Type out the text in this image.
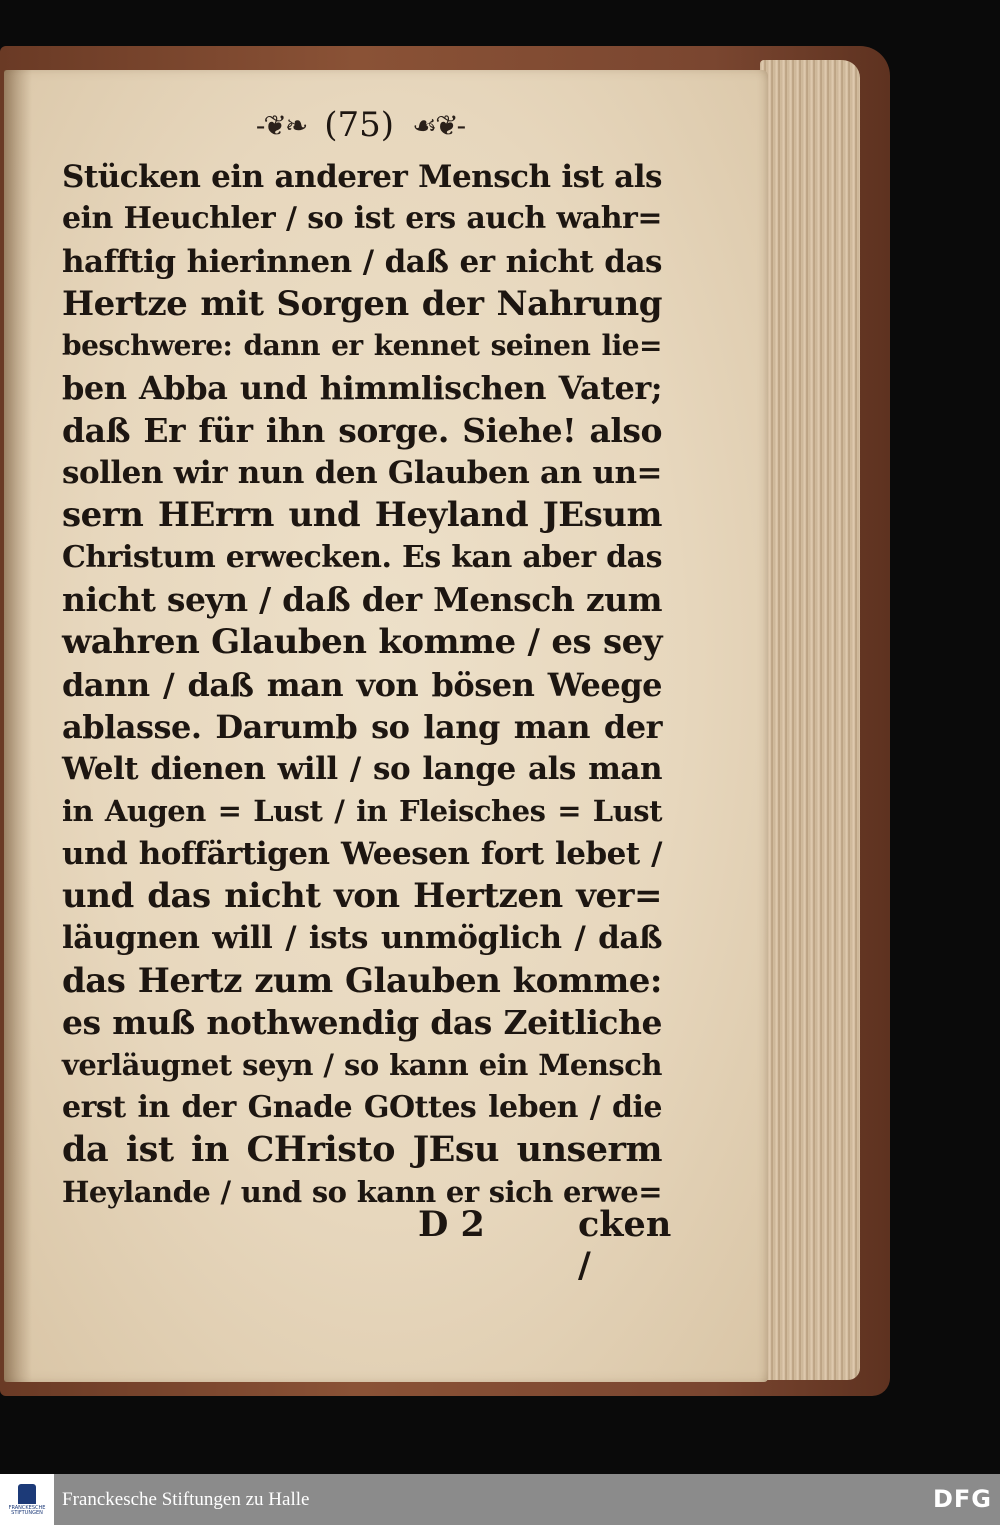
-❦❧ (75) ☙❦-
Stücken ein anderer Mensch ist als
ein Heuchler / so ist ers auch wahr=
hafftig hierinnen / daß er nicht das
Hertze mit Sorgen der Nahrung
beschwere: dann er kennet seinen lie=
ben Abba und himmlischen Vater;
daß Er für ihn sorge. Siehe! also
sollen wir nun den Glauben an un=
sern HErrn und Heyland JEsum
Christum erwecken. Es kan aber das
nicht seyn / daß der Mensch zum
wahren Glauben komme / es sey
dann / daß man von bösen Weege
ablasse. Darumb so lang man der
Welt dienen will / so lange als man
in Augen = Lust / in Fleisches = Lust
und hoffärtigen Weesen fort lebet /
und das nicht von Hertzen ver=
läugnen will / ists unmöglich / daß
das Hertz zum Glauben komme:
es muß nothwendig das Zeitliche
verläugnet seyn / so kann ein Mensch
erst in der Gnade GOttes leben / die
da ist in CHristo JEsu unserm
Heylande / und so kann er sich erwe=
D 2	cken /
FRANCKESCHE STIFTUNGEN
Franckesche Stiftungen zu Halle	DFG
